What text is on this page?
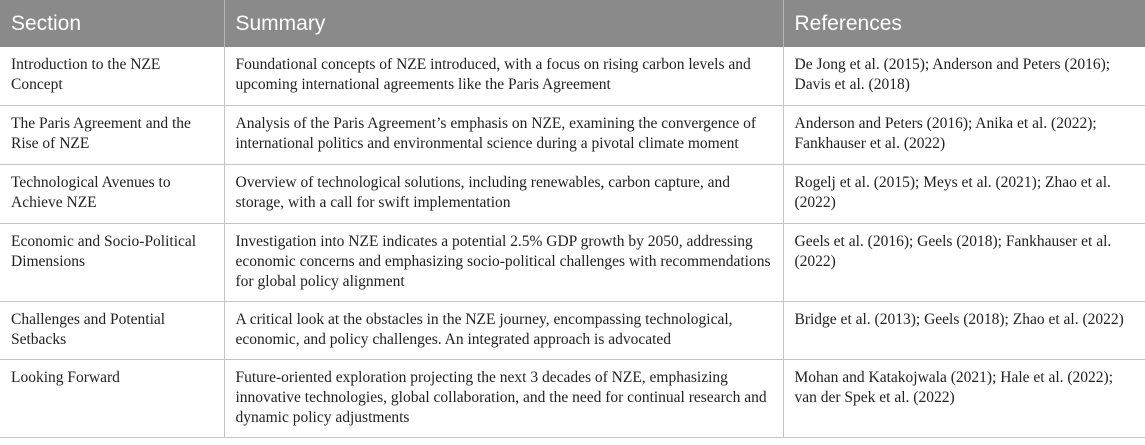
Section	Summary	References
Introduction to the NZE Concept	Foundational concepts of NZE introduced, with a focus on rising carbon levels and upcoming international agreements like the Paris Agreement	De Jong et al. (2015); Anderson and Peters (2016); Davis et al. (2018)
The Paris Agreement and the Rise of NZE	Analysis of the Paris Agreement’s emphasis on NZE, examining the convergence of international politics and environmental science during a pivotal climate moment	Anderson and Peters (2016); Anika et al. (2022); Fankhauser et al. (2022)
Technological Avenues to Achieve NZE	Overview of technological solutions, including renewables, carbon capture, and storage, with a call for swift implementation	Rogelj et al. (2015); Meys et al. (2021); Zhao et al. (2022)
Economic and Socio-Political Dimensions	Investigation into NZE indicates a potential 2.5% GDP growth by 2050, addressing economic concerns and emphasizing socio-political challenges with recommendations for global policy alignment	Geels et al. (2016); Geels (2018); Fankhauser et al. (2022)
Challenges and Potential Setbacks	A critical look at the obstacles in the NZE journey, encompassing technological, economic, and policy challenges. An integrated approach is advocated	Bridge et al. (2013); Geels (2018); Zhao et al. (2022)
Looking Forward	Future-oriented exploration projecting the next 3 decades of NZE, emphasizing innovative technologies, global collaboration, and the need for continual research and dynamic policy adjustments	Mohan and Katakojwala (2021); Hale et al. (2022); van der Spek et al. (2022)
